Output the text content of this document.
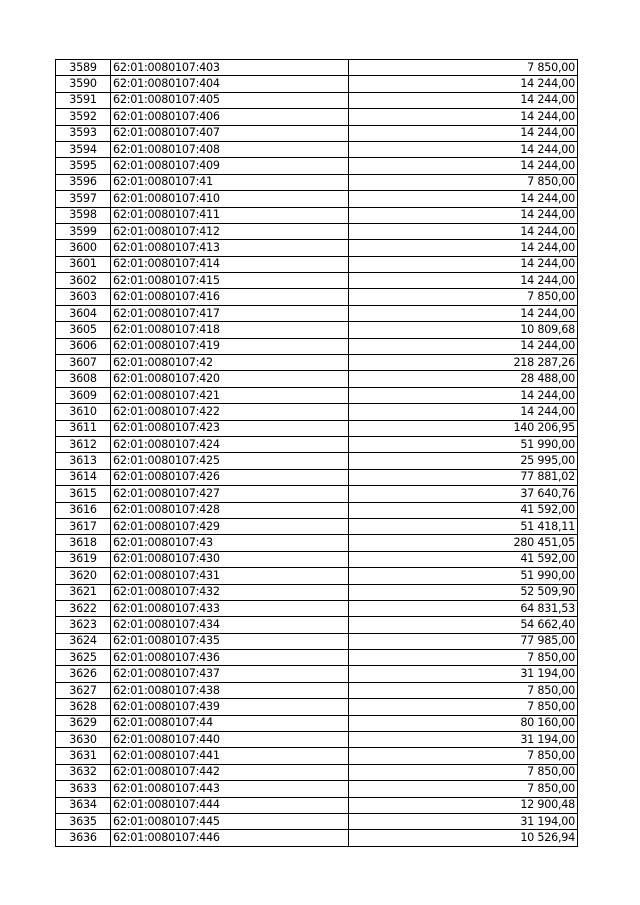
3589	62:01:0080107:403	7 850,00
3590	62:01:0080107:404	14 244,00
3591	62:01:0080107:405	14 244,00
3592	62:01:0080107:406	14 244,00
3593	62:01:0080107:407	14 244,00
3594	62:01:0080107:408	14 244,00
3595	62:01:0080107:409	14 244,00
3596	62:01:0080107:41	7 850,00
3597	62:01:0080107:410	14 244,00
3598	62:01:0080107:411	14 244,00
3599	62:01:0080107:412	14 244,00
3600	62:01:0080107:413	14 244,00
3601	62:01:0080107:414	14 244,00
3602	62:01:0080107:415	14 244,00
3603	62:01:0080107:416	7 850,00
3604	62:01:0080107:417	14 244,00
3605	62:01:0080107:418	10 809,68
3606	62:01:0080107:419	14 244,00
3607	62:01:0080107:42	218 287,26
3608	62:01:0080107:420	28 488,00
3609	62:01:0080107:421	14 244,00
3610	62:01:0080107:422	14 244,00
3611	62:01:0080107:423	140 206,95
3612	62:01:0080107:424	51 990,00
3613	62:01:0080107:425	25 995,00
3614	62:01:0080107:426	77 881,02
3615	62:01:0080107:427	37 640,76
3616	62:01:0080107:428	41 592,00
3617	62:01:0080107:429	51 418,11
3618	62:01:0080107:43	280 451,05
3619	62:01:0080107:430	41 592,00
3620	62:01:0080107:431	51 990,00
3621	62:01:0080107:432	52 509,90
3622	62:01:0080107:433	64 831,53
3623	62:01:0080107:434	54 662,40
3624	62:01:0080107:435	77 985,00
3625	62:01:0080107:436	7 850,00
3626	62:01:0080107:437	31 194,00
3627	62:01:0080107:438	7 850,00
3628	62:01:0080107:439	7 850,00
3629	62:01:0080107:44	80 160,00
3630	62:01:0080107:440	31 194,00
3631	62:01:0080107:441	7 850,00
3632	62:01:0080107:442	7 850,00
3633	62:01:0080107:443	7 850,00
3634	62:01:0080107:444	12 900,48
3635	62:01:0080107:445	31 194,00
3636	62:01:0080107:446	10 526,94
